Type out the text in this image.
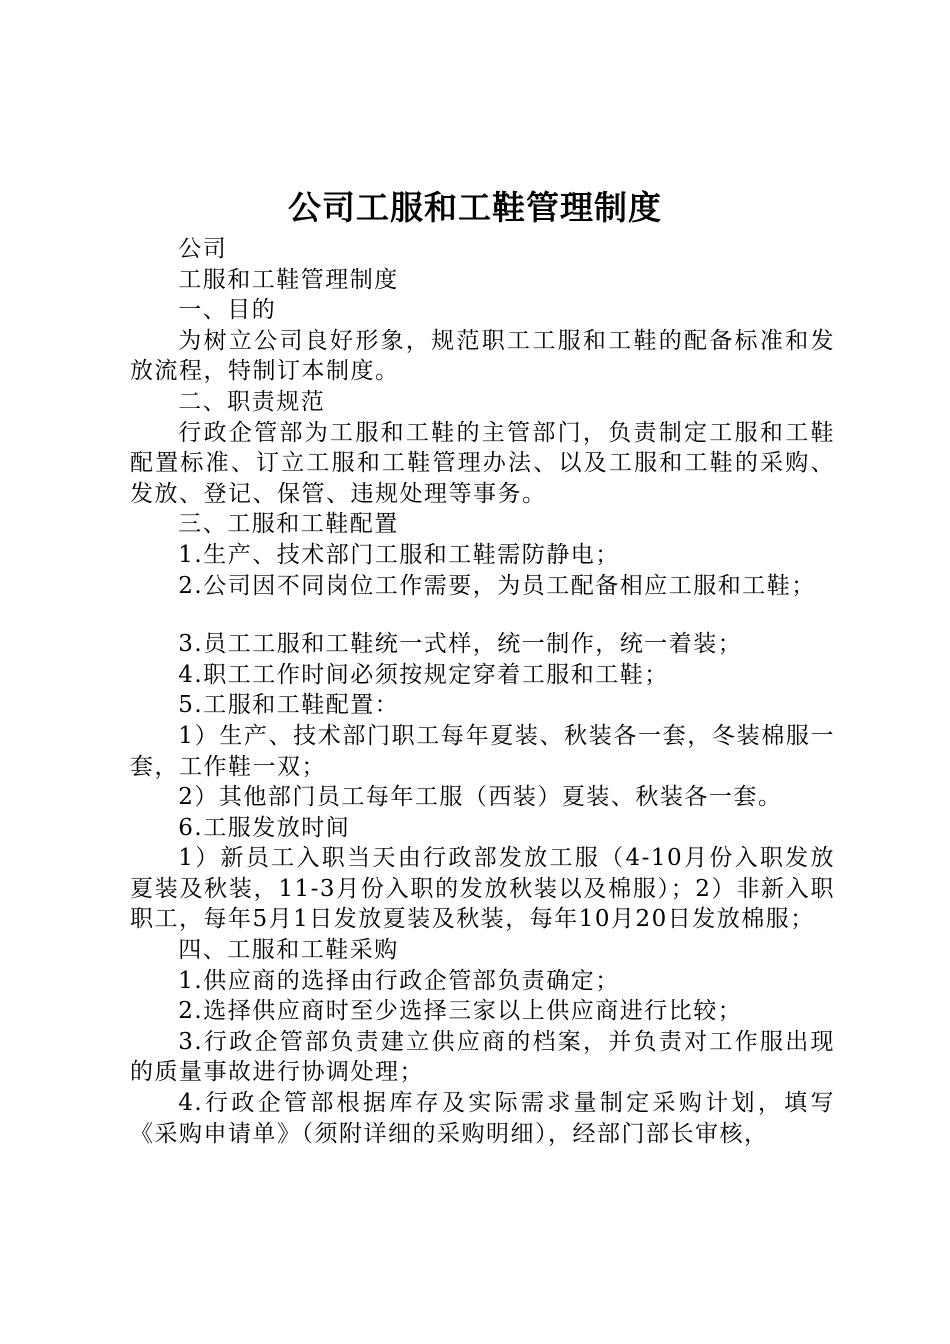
公司工服和工鞋管理制度

公司

工服和工鞋管理制度

一、目的

为树立公司良好形象，规范职工工服和工鞋的配备标准和发放流程，特制订本制度。

二、职责规范

行政企管部为工服和工鞋的主管部门，负责制定工服和工鞋配置标准、订立工服和工鞋管理办法、以及工服和工鞋的采购、发放、登记、保管、违规处理等事务。

三、工服和工鞋配置

1.生产、技术部门工服和工鞋需防静电；

2.公司因不同岗位工作需要，为员工配备相应工服和工鞋；

3.员工工服和工鞋统一式样，统一制作，统一着装；

4.职工工作时间必须按规定穿着工服和工鞋；

5.工服和工鞋配置：

1）生产、技术部门职工每年夏装、秋装各一套，冬装棉服一套，工作鞋一双；

2）其他部门员工每年工服（西装）夏装、秋装各一套。

6.工服发放时间

1）新员工入职当天由行政部发放工服（4-10月份入职发放夏装及秋装，11-3月份入职的发放秋装以及棉服）；2）非新入职职工，每年5月1日发放夏装及秋装，每年10月20日发放棉服；

四、工服和工鞋采购

1.供应商的选择由行政企管部负责确定；

2.选择供应商时至少选择三家以上供应商进行比较；

3.行政企管部负责建立供应商的档案，并负责对工作服出现的质量事故进行协调处理；

4.行政企管部根据库存及实际需求量制定采购计划，填写《采购申请单》（须附详细的采购明细），经部门部长审核，
